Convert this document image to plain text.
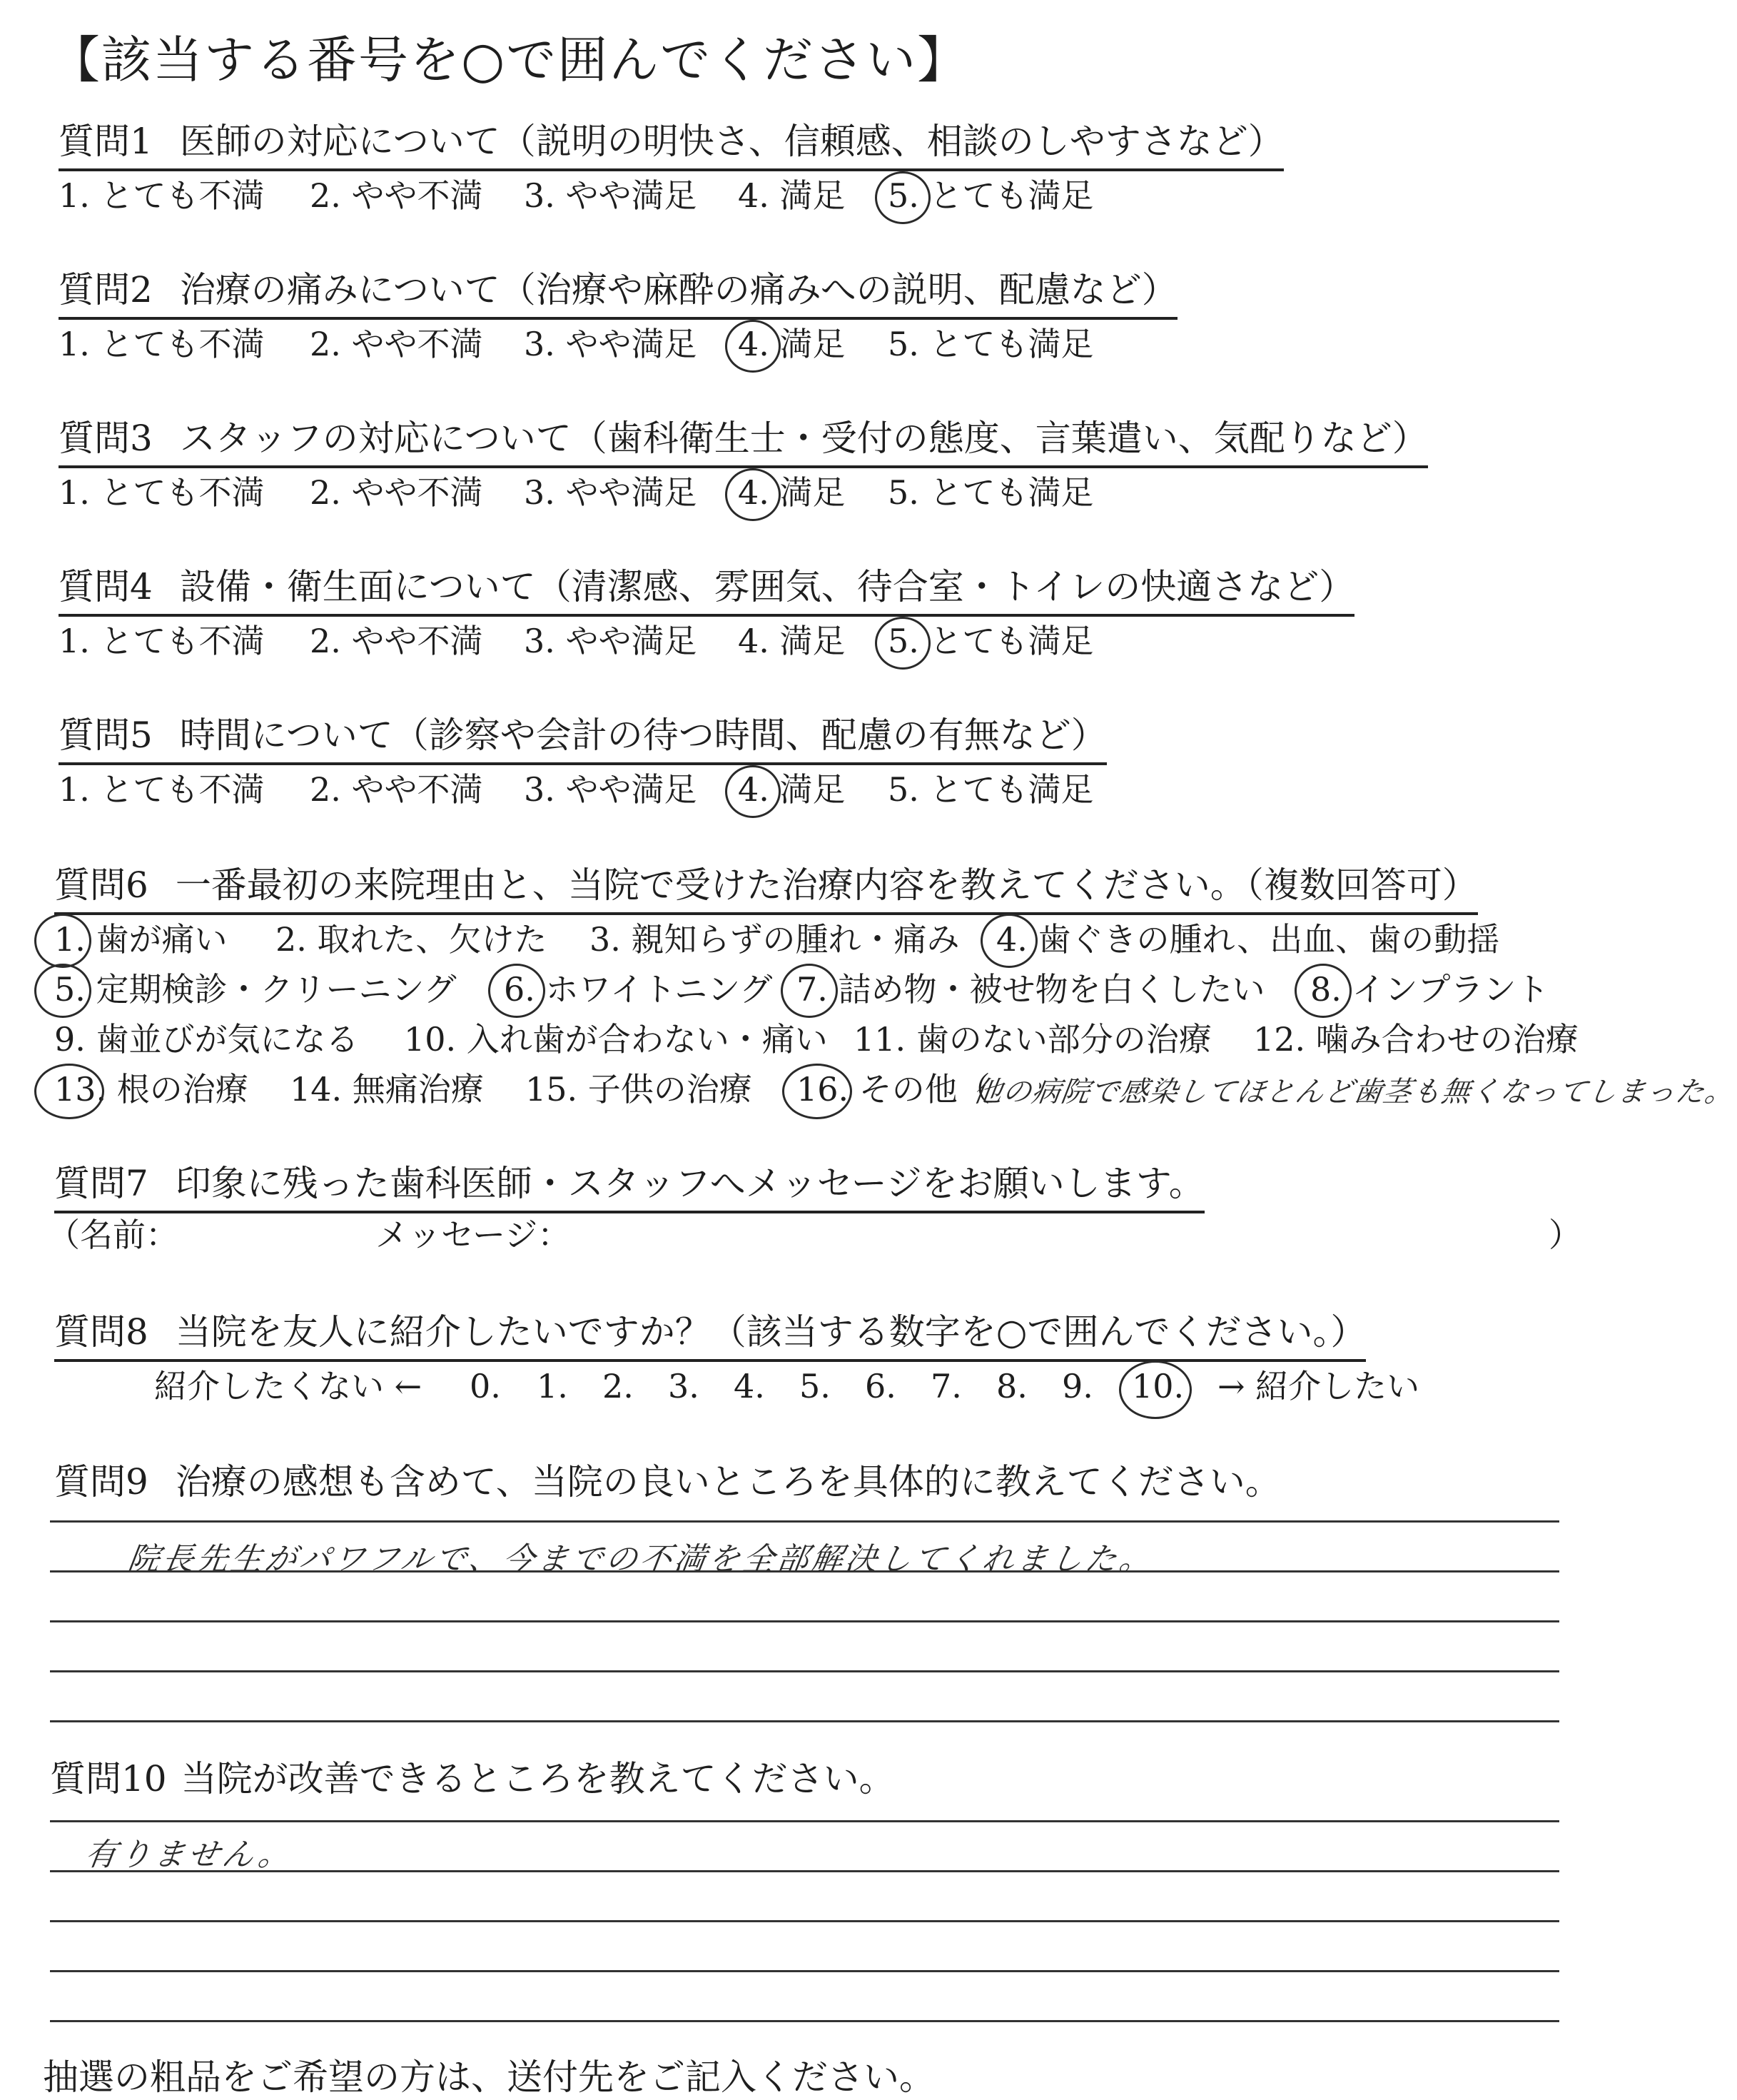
【該当する番号を○で囲んでください】
質問1 医師の対応について（説明の明快さ、信頼感、相談のしやすさなど）
1. とても不満 2. やや不満 3. やや満足 4. 満足 5. とても満足
質問2 治療の痛みについて（治療や麻酔の痛みへの説明、配慮など）
1. とても不満 2. やや不満 3. やや満足 4. 満足 5. とても満足
質問3 スタッフの対応について（歯科衛生士・受付の態度、言葉遣い、気配りなど）
1. とても不満 2. やや不満 3. やや満足 4. 満足 5. とても満足
質問4 設備・衛生面について（清潔感、雰囲気、待合室・トイレの快適さなど）
1. とても不満 2. やや不満 3. やや満足 4. 満足 5. とても満足
質問5 時間について（診察や会計の待つ時間、配慮の有無など）
1. とても不満 2. やや不満 3. やや満足 4. 満足 5. とても満足
質問6 一番最初の来院理由と、当院で受けた治療内容を教えてください。（複数回答可）
1. 歯が痛い 2. 取れた、欠けた 3. 親知らずの腫れ・痛み 4. 歯ぐきの腫れ、出血、歯の動揺
5. 定期検診・クリーニング 6. ホワイトニング 7. 詰め物・被せ物を白くしたい 8. インプラント
9. 歯並びが気になる 10. 入れ歯が合わない・痛い 11. 歯のない部分の治療 12. 噛み合わせの治療
13. 根の治療 14. 無痛治療 15. 子供の治療 16. その他（
他の病院で感染してほとんど歯茎も無くなってしまった。
質問7 印象に残った歯科医師・スタッフへメッセージをお願いします。
（名前：	メッセージ：	）
質問8 当院を友人に紹介したいですか？（該当する数字を○で囲んでください。）
紹介したくない ← 0. 1. 2. 3. 4. 5. 6. 7. 8. 9. 10. → 紹介したい
質問9 治療の感想も含めて、当院の良いところを具体的に教えてください。
院長先生がパワフルで、今までの不満を全部解決してくれました。
質問10 当院が改善できるところを教えてください。
有りません。
抽選の粗品をご希望の方は、送付先をご記入ください。
